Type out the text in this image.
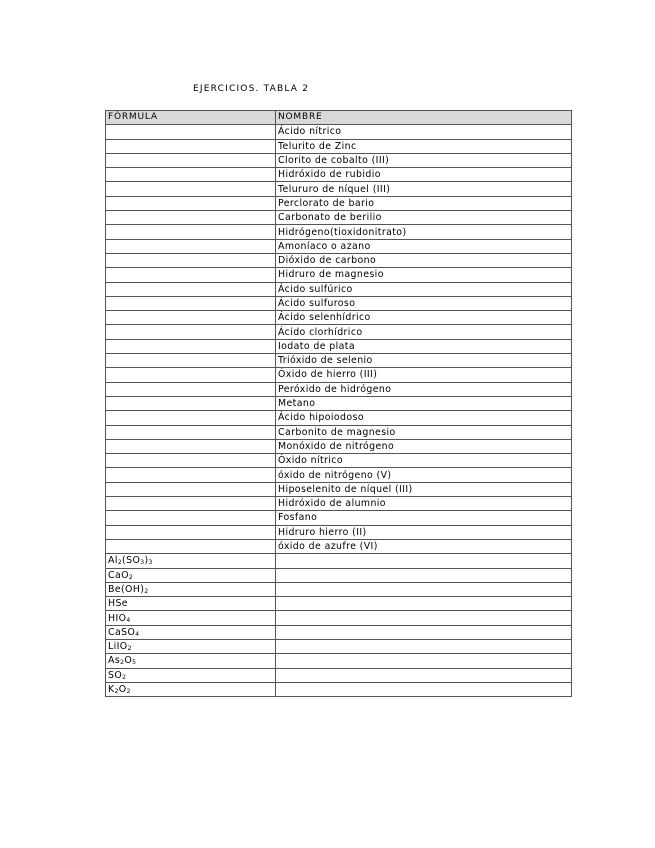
EJERCICIOS. TABLA 2
FÓRMULA	NOMBRE
	Ácido nítrico
	Telurito de Zinc
	Clorito de cobalto (III)
	Hidróxido de rubidio
	Telururo de níquel (III)
	Perclorato de bario
	Carbonato de berilio
	Hidrógeno(tioxidonitrato)
	Amoníaco o azano
	Dióxido de carbono
	Hidruro de magnesio
	Ácido sulfúrico
	Ácido sulfuroso
	Ácido selenhídrico
	Ácido clorhídrico
	Iodato de plata
	Trióxido de selenio
	Óxido de hierro (III)
	Peróxido de hidrógeno
	Metano
	Ácido hipoiodoso
	Carbonito de magnesio
	Monóxido de nitrógeno
	Óxido nítrico
	óxido de nitrógeno (V)
	Hiposelenito de níquel (III)
	Hidróxido de alumnio
	Fosfano
	Hidruro hierro (II)
	óxido de azufre (VI)
$Al_2(SO_3)_3$	
CaO$_2$	
$Be(OH)_2$	
HSe	
$HIO_4$	
CaSO$_4$	
LiIO$_2$	
$As_2O_5$	
$SO_2$	
$K_2O_2$	
